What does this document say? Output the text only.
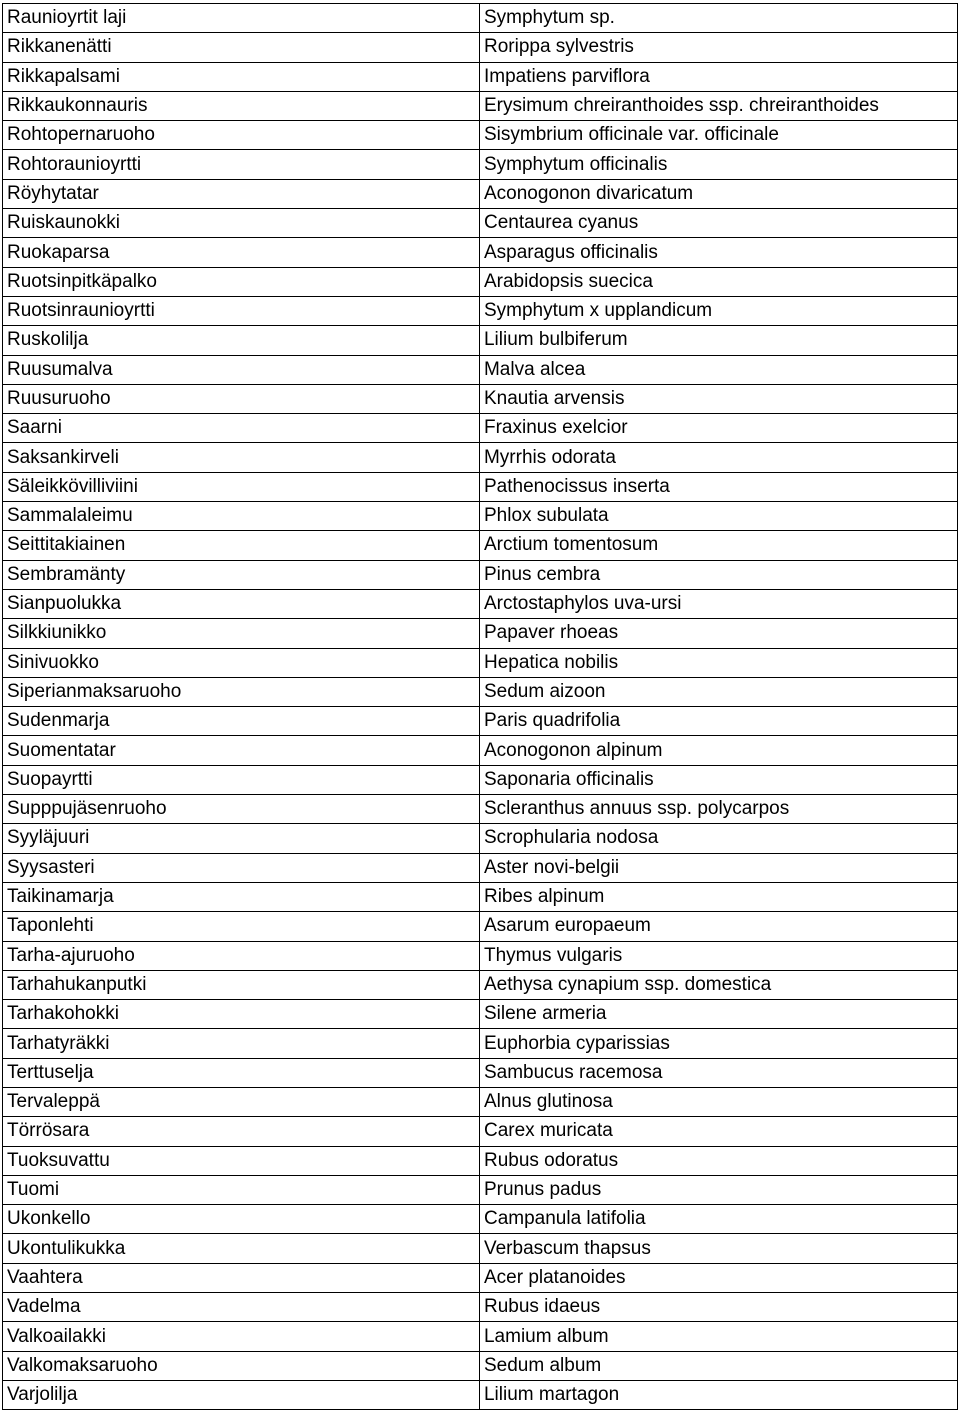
Raunioyrtit laji	Symphytum sp.
Rikkanenätti	Rorippa sylvestris
Rikkapalsami	Impatiens parviflora
Rikkaukonnauris	Erysimum chreiranthoides ssp. chreiranthoides
Rohtopernaruoho	Sisymbrium officinale var. officinale
Rohtoraunioyrtti	Symphytum officinalis
Röyhytatar	Aconogonon divaricatum
Ruiskaunokki	Centaurea cyanus
Ruokaparsa	Asparagus officinalis
Ruotsinpitkäpalko	Arabidopsis suecica
Ruotsinraunioyrtti	Symphytum x upplandicum
Ruskolilja	Lilium bulbiferum
Ruusumalva	Malva alcea
Ruusuruoho	Knautia arvensis
Saarni	Fraxinus exelcior
Saksankirveli	Myrrhis odorata
Säleikkövilliviini	Pathenocissus inserta
Sammalaleimu	Phlox subulata
Seittitakiainen	Arctium tomentosum
Sembramänty	Pinus cembra
Sianpuolukka	Arctostaphylos uva-ursi
Silkkiunikko	Papaver rhoeas
Sinivuokko	Hepatica nobilis
Siperianmaksaruoho	Sedum aizoon
Sudenmarja	Paris quadrifolia
Suomentatar	Aconogonon alpinum
Suopayrtti	Saponaria officinalis
Supppujäsenruoho	Scleranthus annuus ssp. polycarpos
Syyläjuuri	Scrophularia nodosa
Syysasteri	Aster novi-belgii
Taikinamarja	Ribes alpinum
Taponlehti	Asarum europaeum
Tarha-ajuruoho	Thymus vulgaris
Tarhahukanputki	Aethysa cynapium ssp. domestica
Tarhakohokki	Silene armeria
Tarhatyräkki	Euphorbia cyparissias
Terttuselja	Sambucus racemosa
Tervaleppä	Alnus glutinosa
Törrösara	Carex muricata
Tuoksuvattu	Rubus odoratus
Tuomi	Prunus padus
Ukonkello	Campanula latifolia
Ukontulikukka	Verbascum thapsus
Vaahtera	Acer platanoides
Vadelma	Rubus idaeus
Valkoailakki	Lamium album
Valkomaksaruoho	Sedum album
Varjolilja	Lilium martagon
